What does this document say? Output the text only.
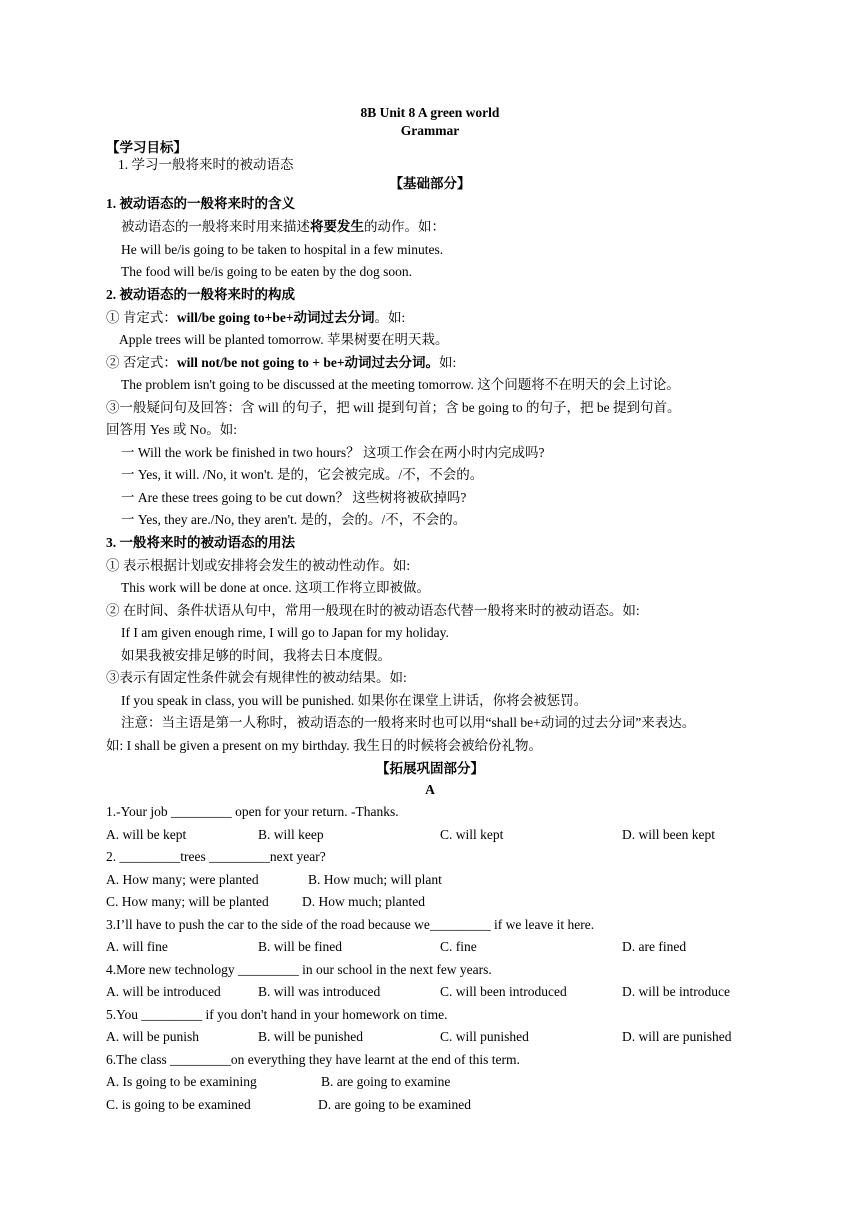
8B Unit 8 A green world
Grammar
【学习目标】
1. 学习一般将来时的被动语态
【基础部分】
1. 被动语态的一般将来时的含义
被动语态的一般将来时用来描述将要发生的动作。如：
He will be/is going to be taken to hospital in a few minutes.
The food will be/is going to be eaten by the dog soon.
2. 被动语态的一般将来时的构成
① 肯定式：will/be going to+be+动词过去分词。如:
Apple trees will be planted tomorrow. 苹果树要在明天栽。
② 否定式：will not/be not going to + be+动词过去分词。如:
The problem isn't going to be discussed at the meeting tomorrow. 这个问题将不在明天的会上讨论。
③一般疑问句及回答：含 will 的句子，把 will 提到句首；含 be going to 的句子，把 be 提到句首。
回答用 Yes 或 No。如:
一 Will the work be finished in two hours？ 这项工作会在两小时内完成吗?
一 Yes, it will. /No, it won't. 是的，它会被完成。/不，不会的。
一 Are these trees going to be cut down？ 这些树将被砍掉吗?
一 Yes, they are./No, they aren't. 是的，会的。/不，不会的。
3. 一般将来时的被动语态的用法
① 表示根据计划或安排将会发生的被动性动作。如:
This work will be done at once. 这项工作将立即被做。
② 在时间、条件状语从句中，常用一般现在时的被动语态代替一般将来时的被动语态。如:
If I am given enough rime, I will go to Japan for my holiday.
如果我被安排足够的时间，我将去日本度假。
③表示有固定性条件就会有规律性的被动结果。如:
If you speak in class, you will be punished. 如果你在课堂上讲话，你将会被惩罚。
注意：当主语是第一人称时，被动语态的一般将来时也可以用“shall be+动词的过去分词”来表达。
如: I shall be given a present on my birthday. 我生日的时候将会被给份礼物。
【拓展巩固部分】
A
1.-Your job _________ open for your return. -Thanks.
A. will be kept	B. will keep	C. will kept	D. will been kept
2. _________trees _________next year?
A. How many; were planted	B. How much; will plant
C. How many; will be planted D. How much; planted
3.I’ll have to push the car to the side of the road because we_________ if we leave it here.
A. will fine	B. will be fined	C. fine	D. are fined
4.More new technology _________ in our school in the next few years.
A. will be introduced	B. will was introduced	C. will been introduced	D. will be introduce
5.You _________ if you don't hand in your homework on time.
A. will be punish	B. will be punished	C. will punished	D. will are punished
6.The class _________on everything they have learnt at the end of this term.
A. Is going to be examining	B. are going to examine
C. is going to be examined	D. are going to be examined
